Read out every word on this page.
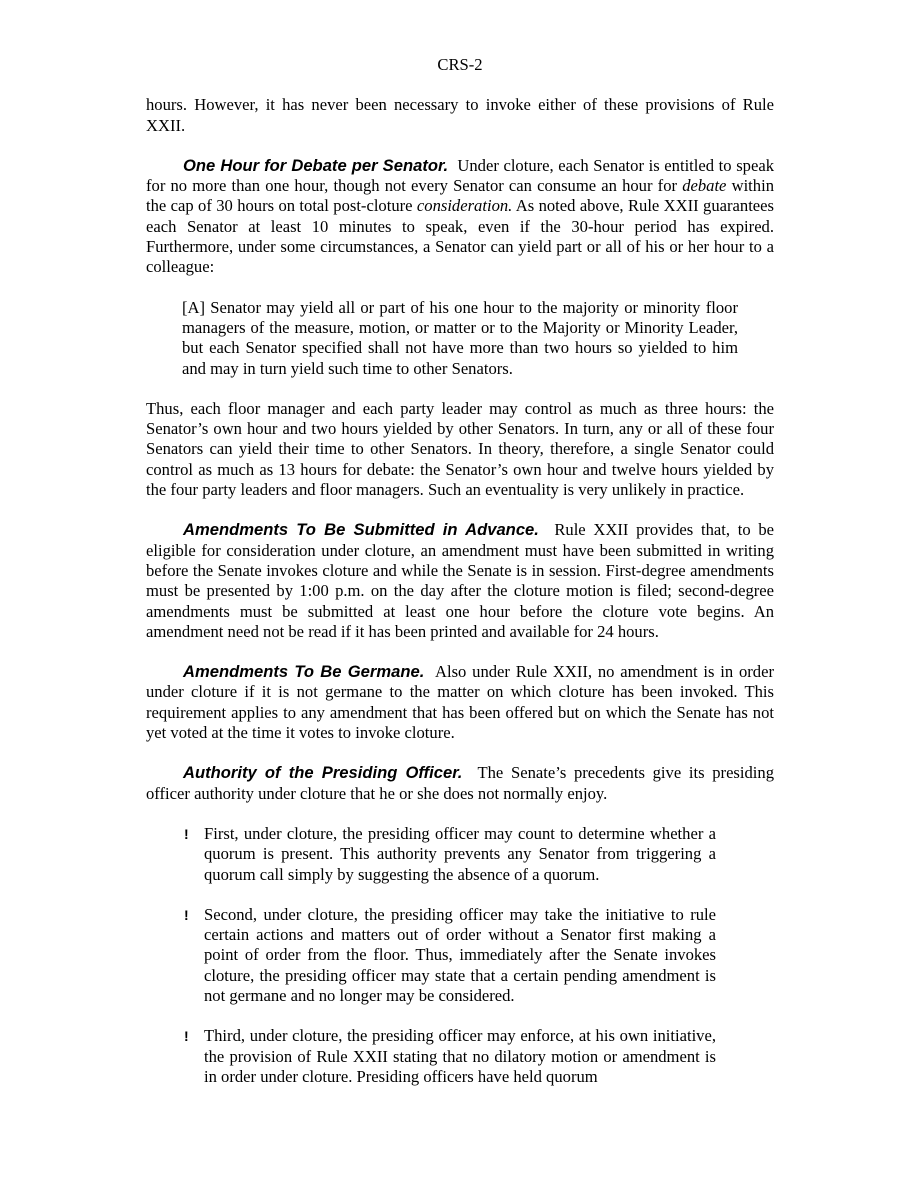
CRS-2

hours. However, it has never been necessary to invoke either of these provisions of Rule XXII.

One Hour for Debate per Senator. Under cloture, each Senator is entitled to speak for no more than one hour, though not every Senator can consume an hour for debate within the cap of 30 hours on total post-cloture consideration. As noted above, Rule XXII guarantees each Senator at least 10 minutes to speak, even if the 30-hour period has expired. Furthermore, under some circumstances, a Senator can yield part or all of his or her hour to a colleague:

[A] Senator may yield all or part of his one hour to the majority or minority floor managers of the measure, motion, or matter or to the Majority or Minority Leader, but each Senator specified shall not have more than two hours so yielded to him and may in turn yield such time to other Senators.

Thus, each floor manager and each party leader may control as much as three hours: the Senator’s own hour and two hours yielded by other Senators. In turn, any or all of these four Senators can yield their time to other Senators. In theory, therefore, a single Senator could control as much as 13 hours for debate: the Senator’s own hour and twelve hours yielded by the four party leaders and floor managers. Such an eventuality is very unlikely in practice.

Amendments To Be Submitted in Advance. Rule XXII provides that, to be eligible for consideration under cloture, an amendment must have been submitted in writing before the Senate invokes cloture and while the Senate is in session. First-degree amendments must be presented by 1:00 p.m. on the day after the cloture motion is filed; second-degree amendments must be submitted at least one hour before the cloture vote begins. An amendment need not be read if it has been printed and available for 24 hours.

Amendments To Be Germane. Also under Rule XXII, no amendment is in order under cloture if it is not germane to the matter on which cloture has been invoked. This requirement applies to any amendment that has been offered but on which the Senate has not yet voted at the time it votes to invoke cloture.

Authority of the Presiding Officer. The Senate’s precedents give its presiding officer authority under cloture that he or she does not normally enjoy.

! First, under cloture, the presiding officer may count to determine whether a quorum is present. This authority prevents any Senator from triggering a quorum call simply by suggesting the absence of a quorum.
! Second, under cloture, the presiding officer may take the initiative to rule certain actions and matters out of order without a Senator first making a point of order from the floor. Thus, immediately after the Senate invokes cloture, the presiding officer may state that a certain pending amendment is not germane and no longer may be considered.
! Third, under cloture, the presiding officer may enforce, at his own initiative, the provision of Rule XXII stating that no dilatory motion or amendment is in order under cloture. Presiding officers have held quorum
